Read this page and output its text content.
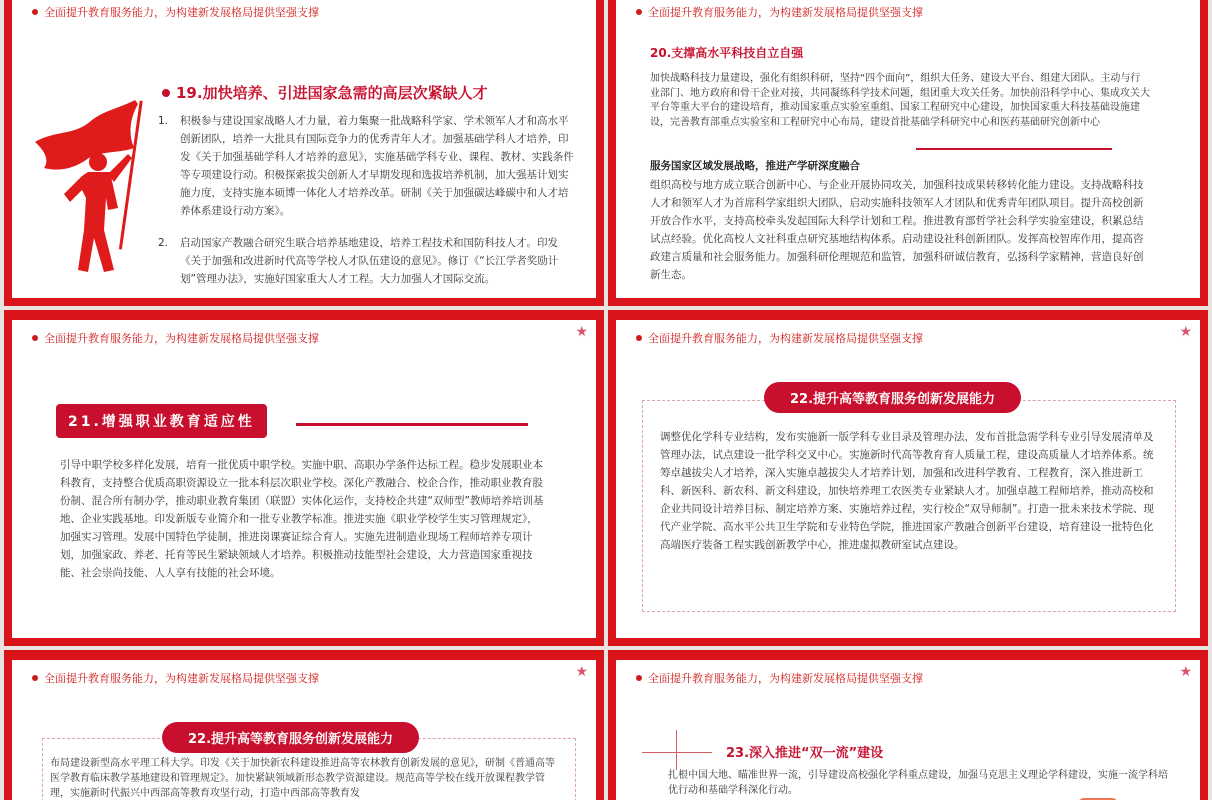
全面提升教育服务能力，为构建新发展格局提供坚强支撑
19.加快培养、引进国家急需的高层次紧缺人才
1.	积极参与建设国家战略人才力量，着力集聚一批战略科学家、学术领军人才和高水平创新团队，培养一大批具有国际竞争力的优秀青年人才。加强基础学科人才培养，印发《关于加强基础学科人才培养的意见》，实施基础学科专业、课程、教材、实践条件等专项建设行动。积极探索拔尖创新人才早期发现和选拔培养机制，加大强基计划实施力度，支持实施本硕博一体化人才培养改革。研制《关于加强碳达峰碳中和人才培养体系建设行动方案》。
2.	启动国家产教融合研究生联合培养基地建设，培养工程技术和国防科技人才。印发《关于加强和改进新时代高等学校人才队伍建设的意见》。修订《“长江学者奖励计划”管理办法》，实施好国家重大人才工程。大力加强人才国际交流。
全面提升教育服务能力，为构建新发展格局提供坚强支撑
20.支撑高水平科技自立自强
加快战略科技力量建设，强化有组织科研，坚持“四个面向”，组织大任务、建设大平台、组建大团队。主动与行业部门、地方政府和骨干企业对接，共同凝练科学技术问题，组团重大攻关任务。加快前沿科学中心、集成攻关大平台等重大平台的建设培育，推动国家重点实验室重组、国家工程研究中心建设，加快国家重大科技基础设施建设，完善教育部重点实验室和工程研究中心布局，建设首批基础学科研究中心和医药基础研究创新中心
服务国家区域发展战略，推进产学研深度融合
组织高校与地方成立联合创新中心、与企业开展协同攻关，加强科技成果转移转化能力建设。支持战略科技人才和领军人才为首席科学家组织大团队，启动实施科技领军人才团队和优秀青年团队项目。提升高校创新开放合作水平，支持高校牵头发起国际大科学计划和工程。推进教育部哲学社会科学实验室建设，积累总结试点经验。优化高校人文社科重点研究基地结构体系。启动建设社科创新团队。发挥高校智库作用，提高咨政建言质量和社会服务能力。加强科研伦理规范和监管，加强科研诚信教育，弘扬科学家精神，营造良好创新生态。
全面提升教育服务能力，为构建新发展格局提供坚强支撑	★
21.增强职业教育适应性
引导中职学校多样化发展，培育一批优质中职学校。实施中职、高职办学条件达标工程。稳步发展职业本科教育，支持整合优质高职资源设立一批本科层次职业学校。深化产教融合、校企合作，推动职业教育股份制、混合所有制办学，推动职业教育集团（联盟）实体化运作，支持校企共建“双师型”教师培养培训基地、企业实践基地。印发新版专业简介和一批专业教学标准。推进实施《职业学校学生实习管理规定》，加强实习管理。发展中国特色学徒制，推进岗课赛证综合育人。实施先进制造业现场工程师培养专项计划，加强家政、养老、托育等民生紧缺领域人才培养。积极推动技能型社会建设，大力营造国家重视技能、社会崇尚技能、人人享有技能的社会环境。
全面提升教育服务能力，为构建新发展格局提供坚强支撑	★
22.提升高等教育服务创新发展能力
调整优化学科专业结构，发布实施新一版学科专业目录及管理办法，发布首批急需学科专业引导发展清单及管理办法，试点建设一批学科交叉中心。实施新时代高等教育育人质量工程，建设高质量人才培养体系。统筹卓越拔尖人才培养，深入实施卓越拔尖人才培养计划，加强和改进科学教育、工程教育，深入推进新工科、新医科、新农科、新文科建设，加快培养理工农医类专业紧缺人才。加强卓越工程师培养，推动高校和企业共同设计培养目标、制定培养方案、实施培养过程，实行校企“双导师制”。打造一批未来技术学院、现代产业学院、高水平公共卫生学院和专业特色学院，推进国家产教融合创新平台建设，培育建设一批特色化高端医疗装备工程实践创新教学中心，推进虚拟教研室试点建设。
全面提升教育服务能力，为构建新发展格局提供坚强支撑	★
22.提升高等教育服务创新发展能力
布局建设新型高水平理工科大学。印发《关于加快新农科建设推进高等农林教育创新发展的意见》，研制《普通高等医学教育临床教学基地建设和管理规定》。加快紧缺领域新形态教学资源建设。规范高等学校在线开放课程教学管理，实施新时代振兴中西部高等教育攻坚行动，打造中西部高等教育发
全面提升教育服务能力，为构建新发展格局提供坚强支撑	★
23.深入推进“双一流”建设
扎根中国大地、瞄准世界一流，引导建设高校强化学科重点建设，加强马克思主义理论学科建设，实施一流学科培优行动和基础学科深化行动。
